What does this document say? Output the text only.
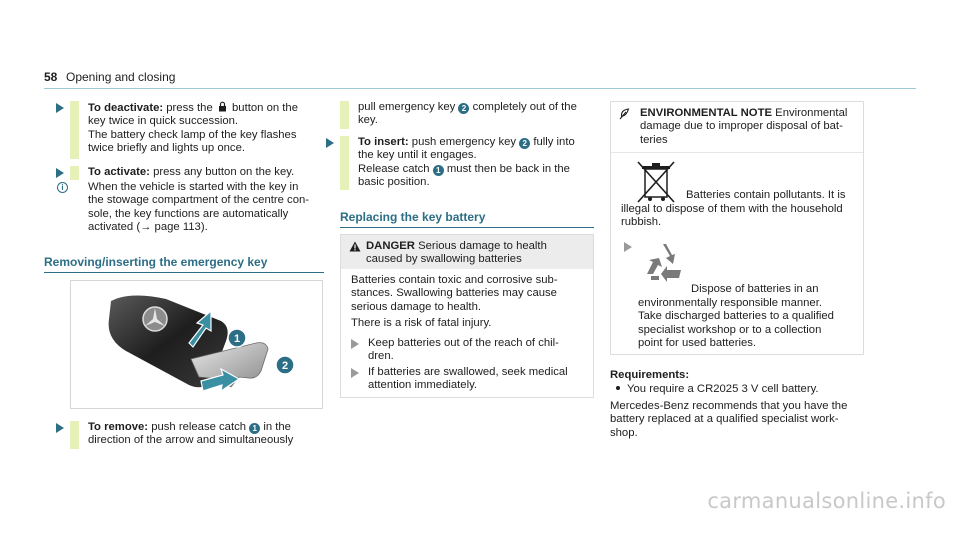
58 Opening and closing
To deactivate: press the button on the
key twice in quick succession.
The battery check lamp of the key flashes
twice briefly and lights up once.
To activate: press any button on the key.
i	When the vehicle is started with the key in
the stowage compartment of the centre con-
sole, the key functions are automatically
activated (→ page 113).
Removing/inserting the emergency key
1
2
To remove: push release catch 1 in the
direction of the arrow and simultaneously
pull emergency key 2 completely out of the
key.
To insert: push emergency key 2 fully into
the key until it engages.
Release catch 1 must then be back in the
basic position.
Replacing the key battery
DANGER Serious damage to health
caused by swallowing batteries
Batteries contain toxic and corrosive sub-
stances. Swallowing batteries may cause
serious damage to health.
There is a risk of fatal injury.
Keep batteries out of the reach of chil-
dren.
If batteries are swallowed, seek medical
attention immediately.
ENVIRONMENTAL NOTE Environmental
damage due to improper disposal of bat-
teries
Batteries contain pollutants. It is
illegal to dispose of them with the household
rubbish.
Dispose of batteries in an
environmentally responsible manner.
Take discharged batteries to a qualified
specialist workshop or to a collection
point for used batteries.
Requirements:
You require a CR2025 3 V cell battery.
Mercedes-Benz recommends that you have the
battery replaced at a qualified specialist work-
shop.
carmanualsonline.info
